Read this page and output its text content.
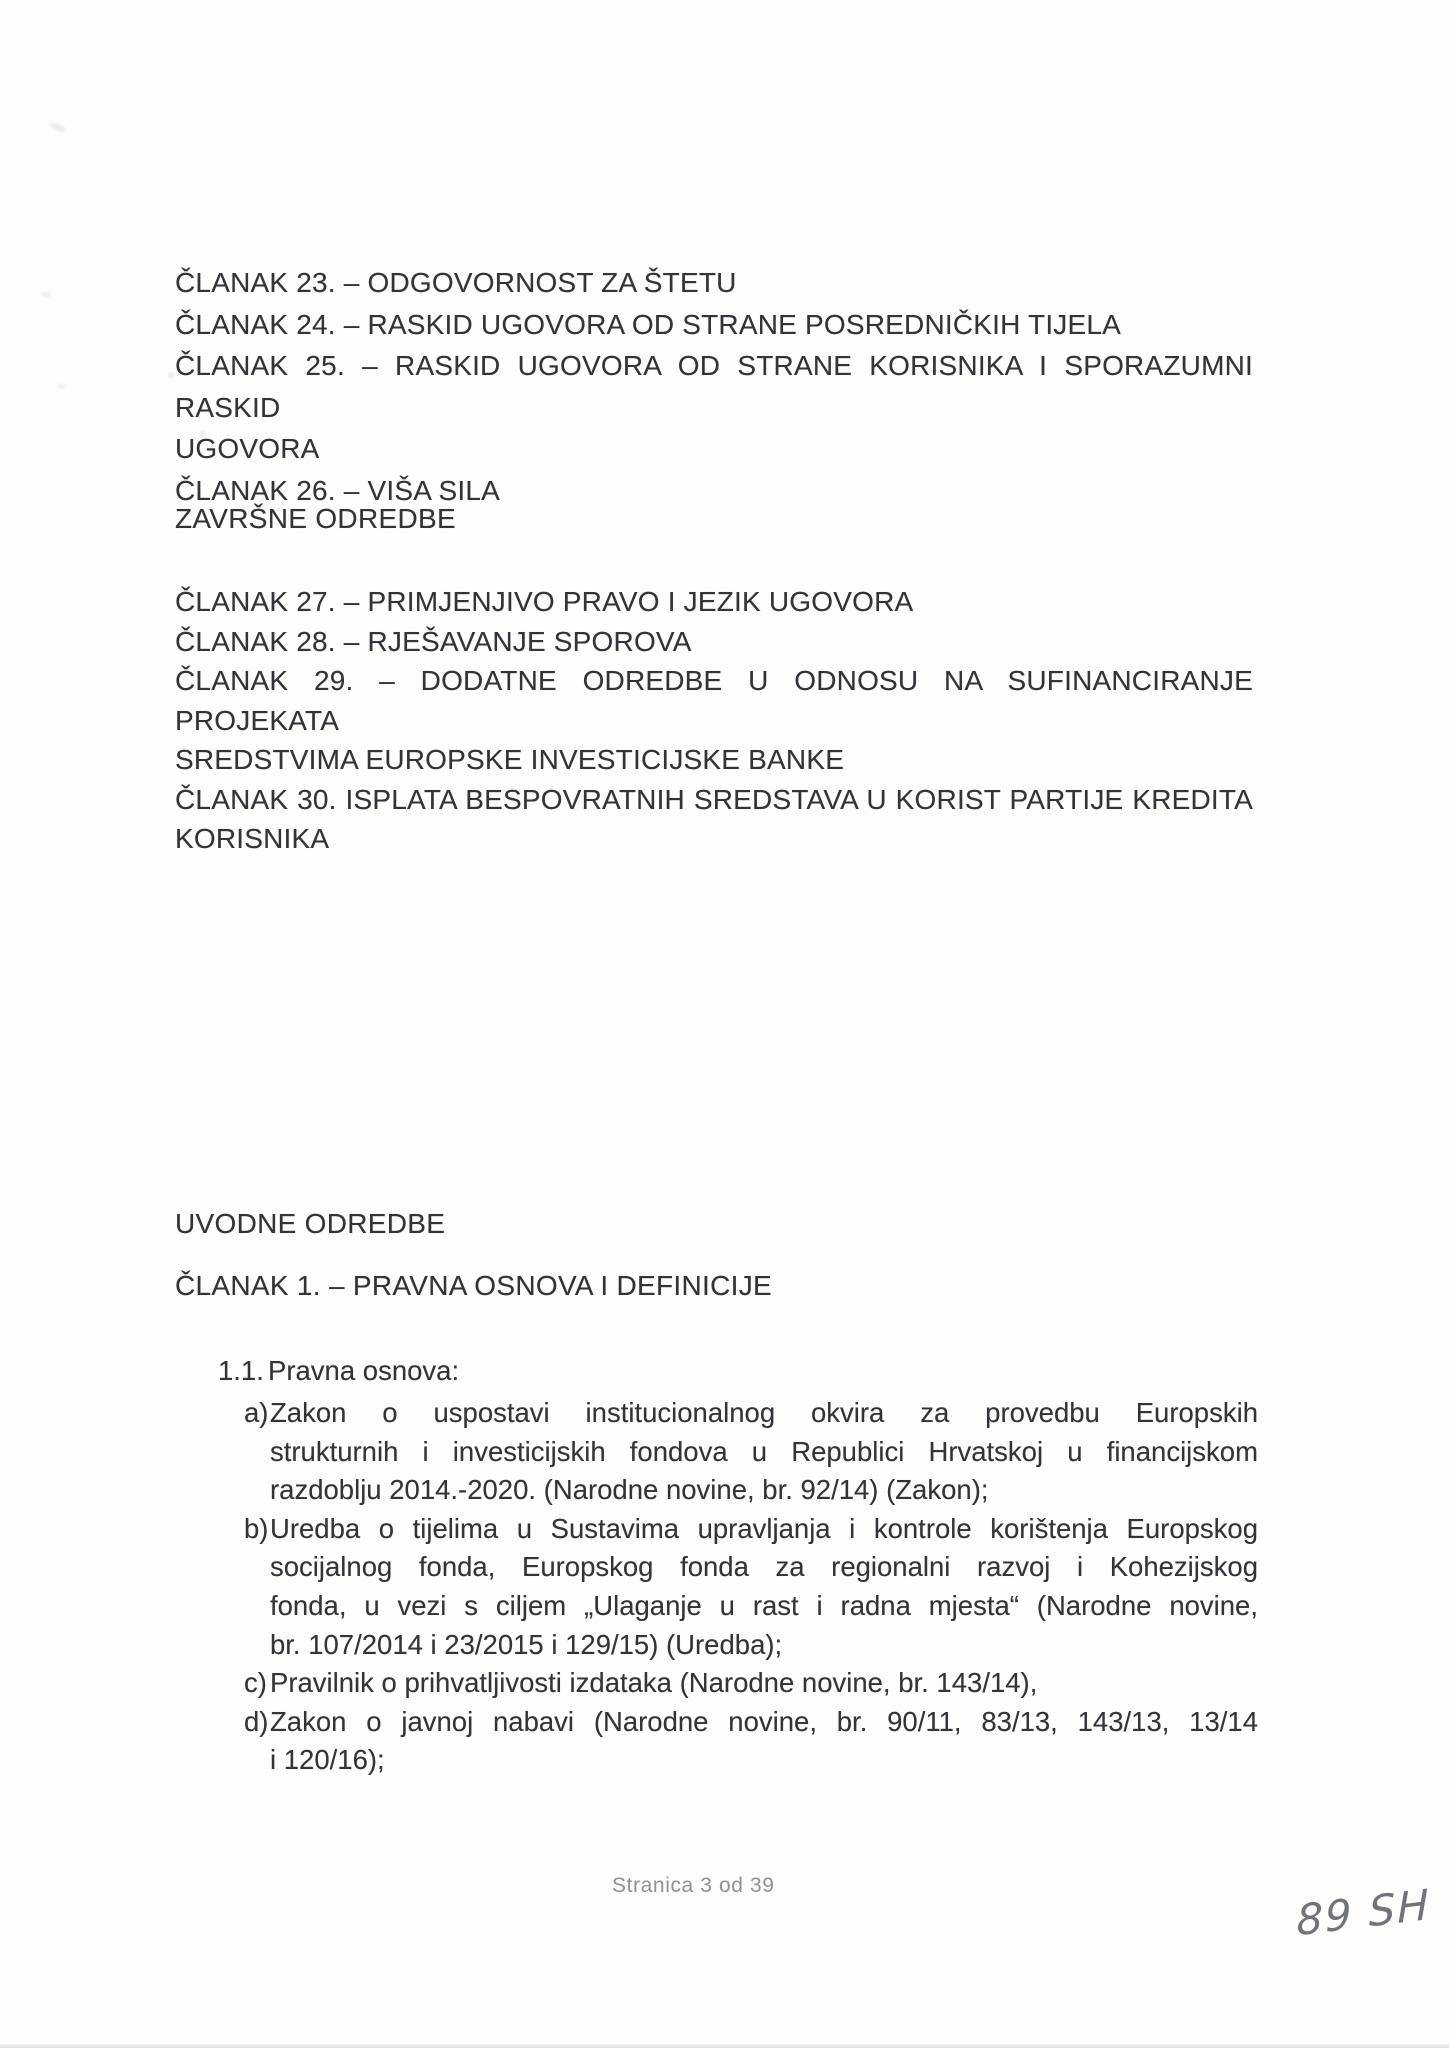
ČLANAK 23. – ODGOVORNOST ZA ŠTETU
ČLANAK 24. – RASKID UGOVORA OD STRANE POSREDNIČKIH TIJELA
ČLANAK 25. – RASKID UGOVORA OD STRANE KORISNIKA I SPORAZUMNI RASKID
UGOVORA
ČLANAK 26. – VIŠA SILA
ZAVRŠNE ODREDBE
ČLANAK 27. – PRIMJENJIVO PRAVO I JEZIK UGOVORA
ČLANAK 28. – RJEŠAVANJE SPOROVA
ČLANAK 29. – DODATNE ODREDBE U ODNOSU NA SUFINANCIRANJE PROJEKATA
SREDSTVIMA EUROPSKE INVESTICIJSKE BANKE
ČLANAK 30. ISPLATA BESPOVRATNIH SREDSTAVA U KORIST PARTIJE KREDITA
KORISNIKA
UVODNE ODREDBE
ČLANAK 1. – PRAVNA OSNOVA I DEFINICIJE
1.1. Pravna osnova:
a) Zakon o uspostavi institucionalnog okvira za provedbu Europskih
strukturnih i investicijskih fondova u Republici Hrvatskoj u financijskom
razdoblju 2014.-2020. (Narodne novine, br. 92/14) (Zakon);
b) Uredba o tijelima u Sustavima upravljanja i kontrole korištenja Europskog
socijalnog fonda, Europskog fonda za regionalni razvoj i Kohezijskog
fonda, u vezi s ciljem „Ulaganje u rast i radna mjesta“ (Narodne novine,
br. 107/2014 i 23/2015 i 129/15) (Uredba);
c) Pravilnik o prihvatljivosti izdataka (Narodne novine, br. 143/14),
d) Zakon o javnoj nabavi (Narodne novine, br. 90/11, 83/13, 143/13, 13/14
i 120/16);
Stranica 3 od 39	89 SH
